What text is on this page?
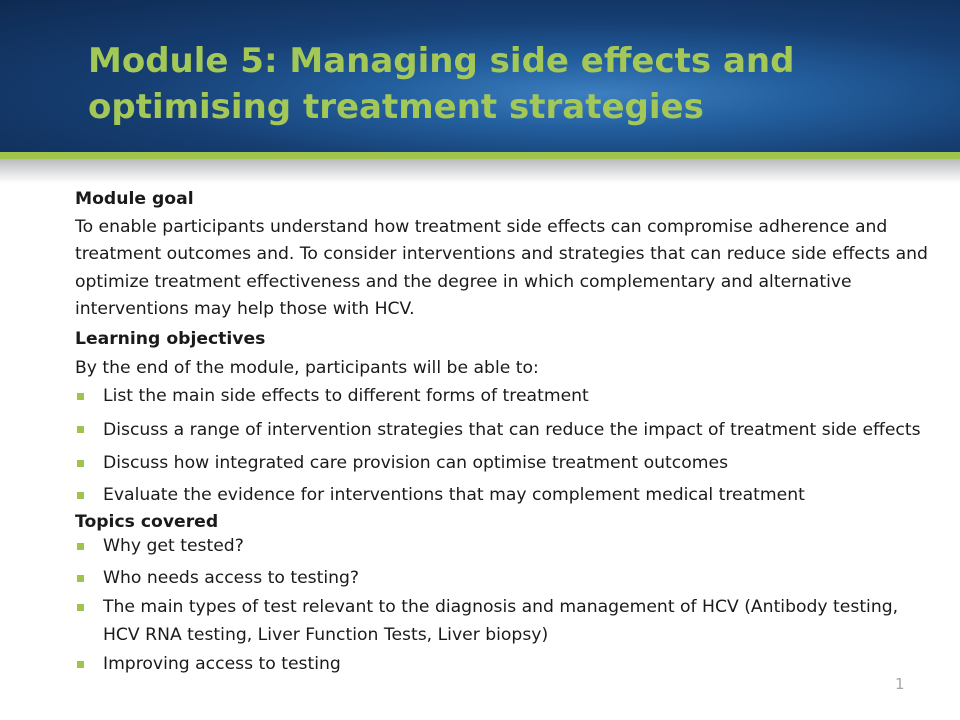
Module 5: Managing side effects and optimising treatment strategies
Module goal

To enable participants understand how treatment side effects can compromise adherence and treatment outcomes and. To consider interventions and strategies that can reduce side effects and optimize treatment effectiveness and the degree in which complementary and alternative interventions may help those with HCV.

Learning objectives
By the end of the module, participants will be able to:
List the main side effects to different forms of treatment
Discuss a range of intervention strategies that can reduce the impact of treatment side effects
Discuss how integrated care provision can optimise treatment outcomes
Evaluate the evidence for interventions that may complement medical treatment
Topics covered
Why get tested?
Who needs access to testing?
The main types of test relevant to the diagnosis and management of HCV (Antibody testing, HCV RNA testing, Liver Function Tests, Liver biopsy)
Improving access to testing
1
